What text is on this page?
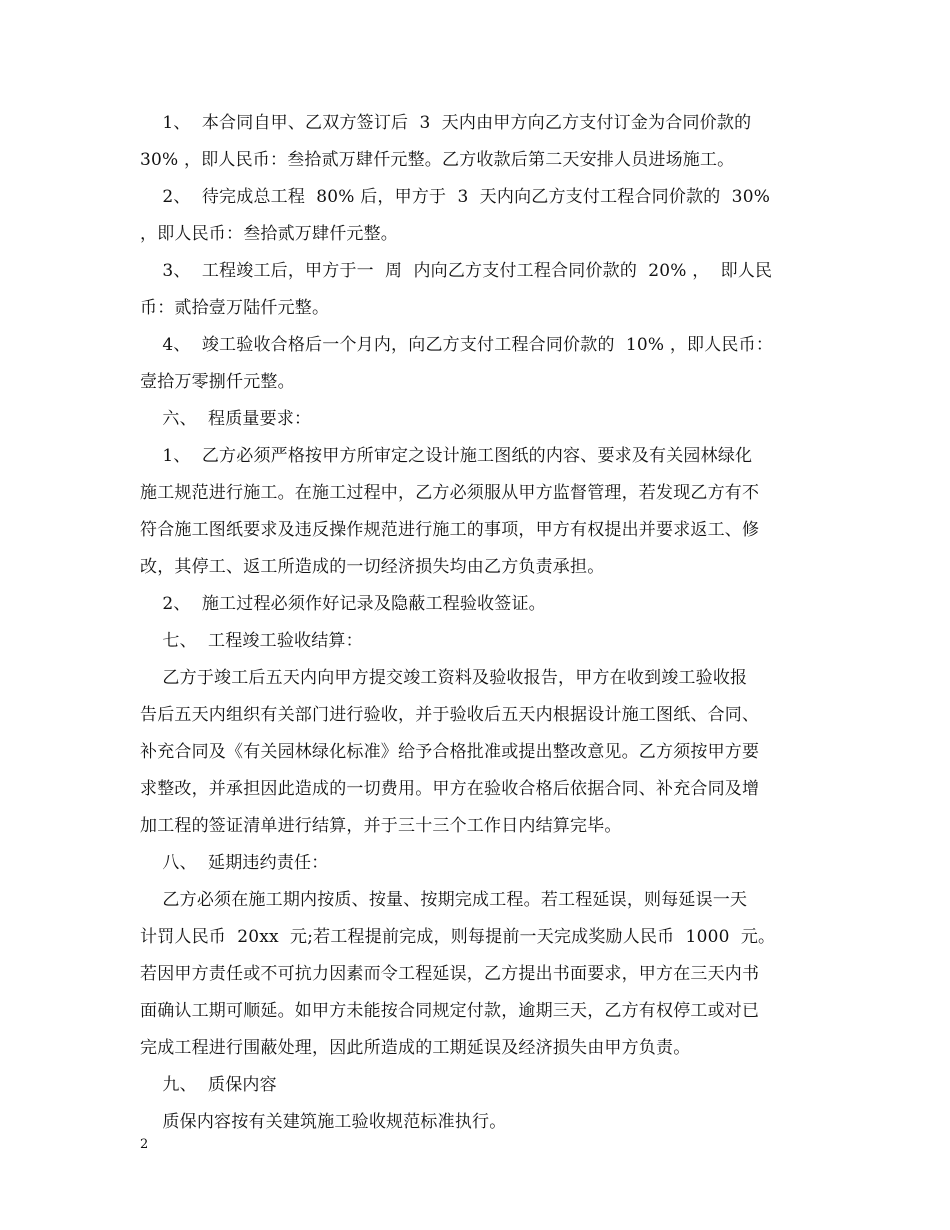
1、  本合同自甲、乙双方签订后  3  天内由甲方向乙方支付订金为合同价款的
30% ，即人民币：叁拾贰万肆仟元整。乙方收款后第二天安排人员进场施工。
2、  待完成总工程  80% 后，甲方于  3  天内向乙方支付工程合同价款的  30%
，即人民币：叁拾贰万肆仟元整。
3、  工程竣工后，甲方于一  周  内向乙方支付工程合同价款的  20% ，  即人民
币：贰拾壹万陆仟元整。
4、  竣工验收合格后一个月内，向乙方支付工程合同价款的  10% ，即人民币：
壹拾万零捌仟元整。
六、  程质量要求：
1、  乙方必须严格按甲方所审定之设计施工图纸的内容、要求及有关园林绿化
施工规范进行施工。在施工过程中，乙方必须服从甲方监督管理，若发现乙方有不
符合施工图纸要求及违反操作规范进行施工的事项，甲方有权提出并要求返工、修
改，其停工、返工所造成的一切经济损失均由乙方负责承担。
2、  施工过程必须作好记录及隐蔽工程验收签证。
七、  工程竣工验收结算：
乙方于竣工后五天内向甲方提交竣工资料及验收报告，甲方在收到竣工验收报
告后五天内组织有关部门进行验收，并于验收后五天内根据设计施工图纸、合同、
补充合同及《有关园林绿化标准》给予合格批准或提出整改意见。乙方须按甲方要
求整改，并承担因此造成的一切费用。甲方在验收合格后依据合同、补充合同及增
加工程的签证清单进行结算，并于三十三个工作日内结算完毕。
八、  延期违约责任：
乙方必须在施工期内按质、按量、按期完成工程。若工程延误，则每延误一天
计罚人民币  20xx  元;若工程提前完成，则每提前一天完成奖励人民币  1000  元。
若因甲方责任或不可抗力因素而令工程延误，乙方提出书面要求，甲方在三天内书
面确认工期可顺延。如甲方未能按合同规定付款，逾期三天，乙方有权停工或对已
完成工程进行围蔽处理，因此所造成的工期延误及经济损失由甲方负责。
九、  质保内容
质保内容按有关建筑施工验收规范标准执行。
2
